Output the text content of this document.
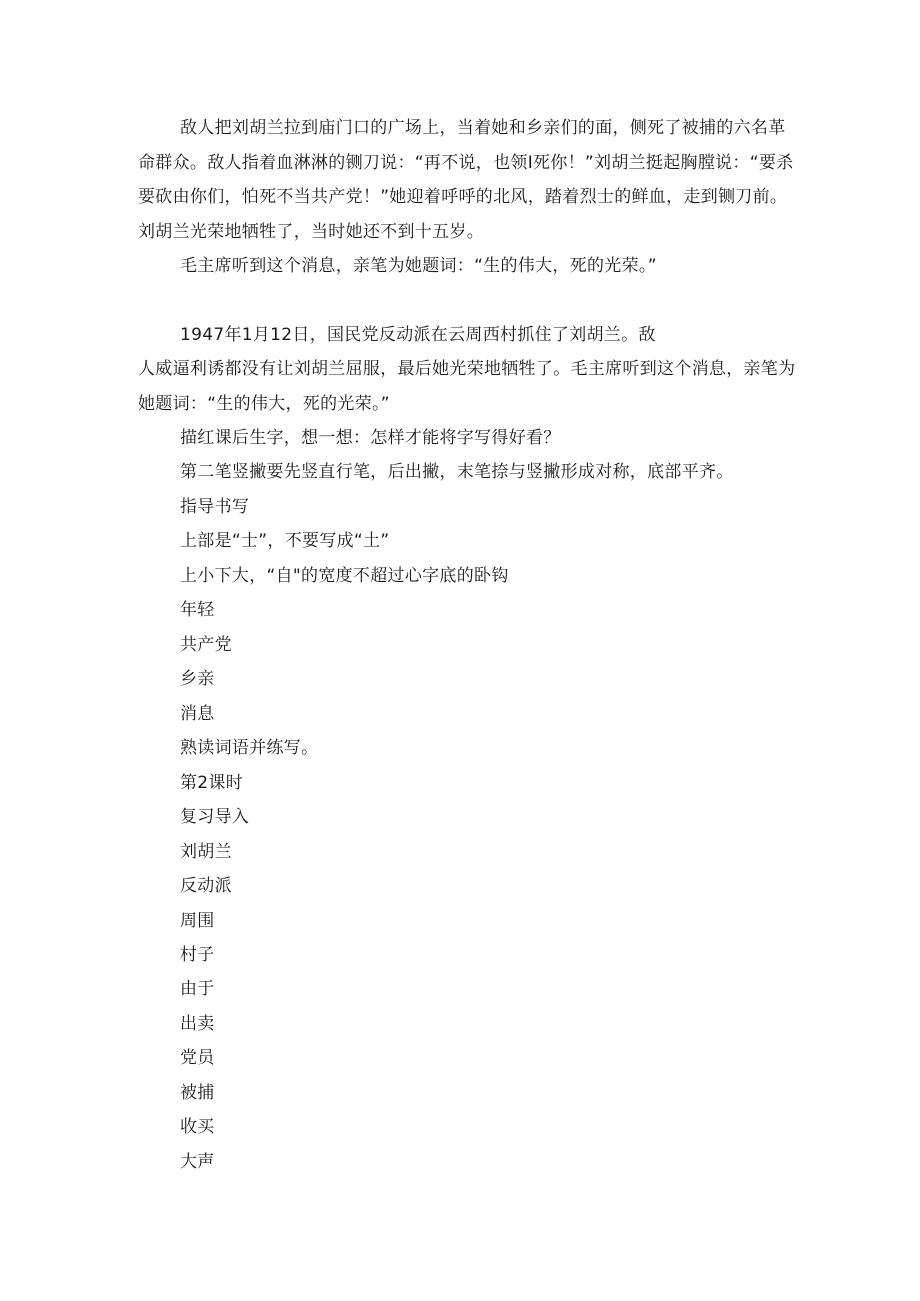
敌人把刘胡兰拉到庙门口的广场上，当着她和乡亲们的面，侧死了被捕的六名革命群众。敌人指着血淋淋的铡刀说：“再不说，也领I死你！”刘胡兰挺起胸膛说：“要杀要砍由你们，怕死不当共产党！”她迎着呼呼的北风，踏着烈士的鲜血，走到铡刀前。刘胡兰光荣地牺牲了，当时她还不到十五岁。

毛主席听到这个消息，亲笔为她题词：“生的伟大，死的光荣。”

1947年1月12日，国民党反动派在云周西村抓住了刘胡兰。敌

人威逼利诱都没有让刘胡兰屈服，最后她光荣地牺牲了。毛主席听到这个消息，亲笔为她题词：“生的伟大，死的光荣。”

描红课后生字，想一想：怎样才能将字写得好看？

第二笔竖撇要先竖直行笔，后出撇，末笔捺与竖撇形成对称，底部平齐。

指导书写

上部是“士”，不要写成“土”

上小下大，“自"的宽度不超过心字底的卧钩

年轻

共产党

乡亲

消息

熟读词语并练写。

第2课时

复习导入

刘胡兰

反动派

周围

村子

由于

出卖

党员

被捕

收买

大声
